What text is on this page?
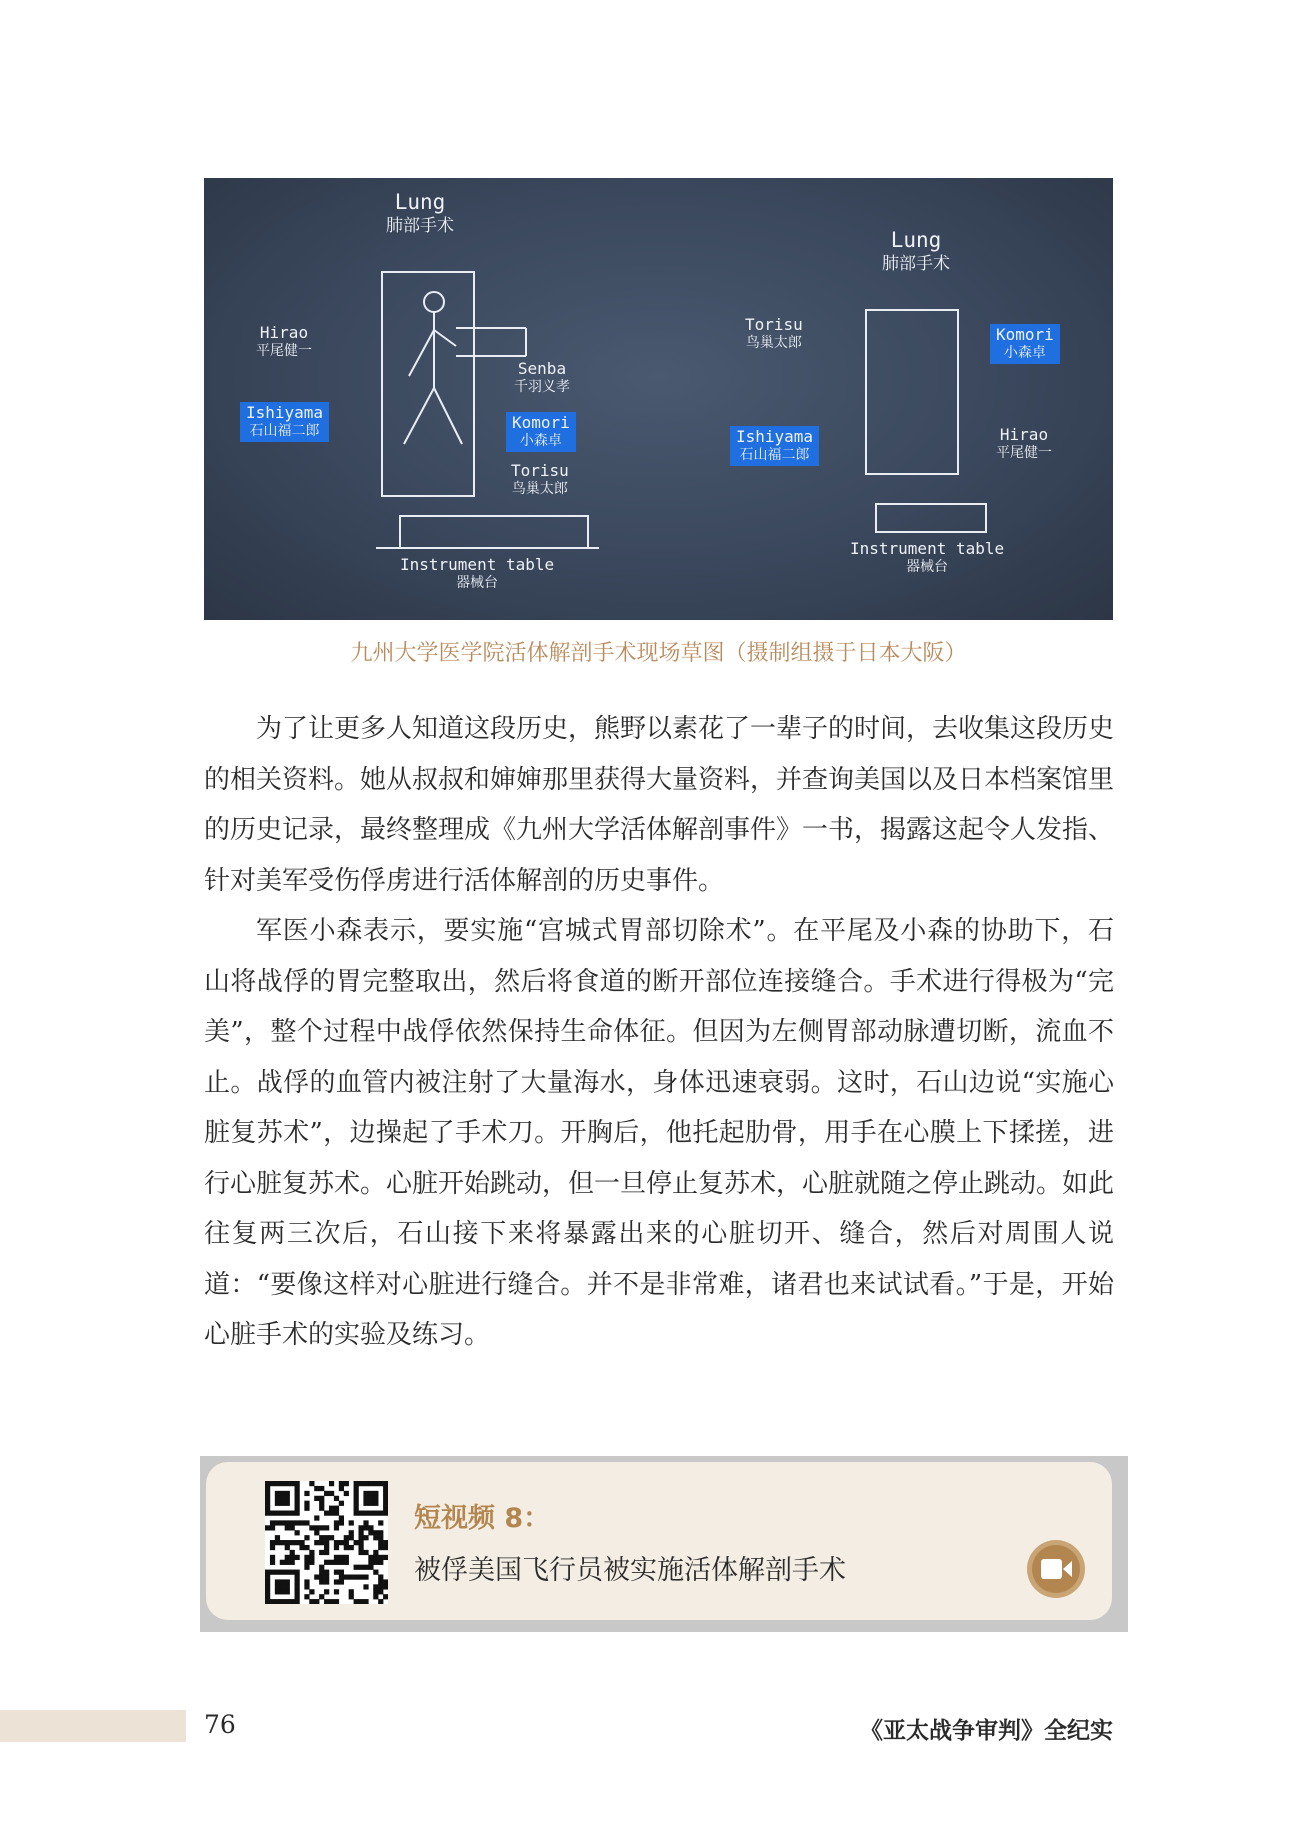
Lung
肺部手术
Hirao
平尾健一
Ishiyama
石山福二郎
Senba
千羽义孝
Komori
小森卓
Torisu
鸟巢太郎
Instrument table
器械台
Lung
肺部手术
Torisu
鸟巢太郎	Komori
小森卓
Ishiyama
石山福二郎
Hirao
平尾健一
Instrument table
器械台
九州大学医学院活体解剖手术现场草图（摄制组摄于日本大阪）

为了让更多人知道这段历史，熊野以素花了一辈子的时间，去收集这段历史的相关资料。她从叔叔和婶婶那里获得大量资料，并查询美国以及日本档案馆里的历史记录，最终整理成《九州大学活体解剖事件》一书，揭露这起令人发指、针对美军受伤俘虏进行活体解剖的历史事件。

军医小森表示，要实施“宫城式胃部切除术”。在平尾及小森的协助下，石山将战俘的胃完整取出，然后将食道的断开部位连接缝合。手术进行得极为“完美”，整个过程中战俘依然保持生命体征。但因为左侧胃部动脉遭切断，流血不止。战俘的血管内被注射了大量海水，身体迅速衰弱。这时，石山边说“实施心脏复苏术”，边操起了手术刀。开胸后，他托起肋骨，用手在心膜上下揉搓，进行心脏复苏术。心脏开始跳动，但一旦停止复苏术，心脏就随之停止跳动。如此往复两三次后，石山接下来将暴露出来的心脏切开、缝合，然后对周围人说道：“要像这样对心脏进行缝合。并不是非常难，诸君也来试试看。”于是，开始心脏手术的实验及练习。

短视频 8：
被俘美国飞行员被实施活体解剖手术
76	《亚太战争审判》全纪实
